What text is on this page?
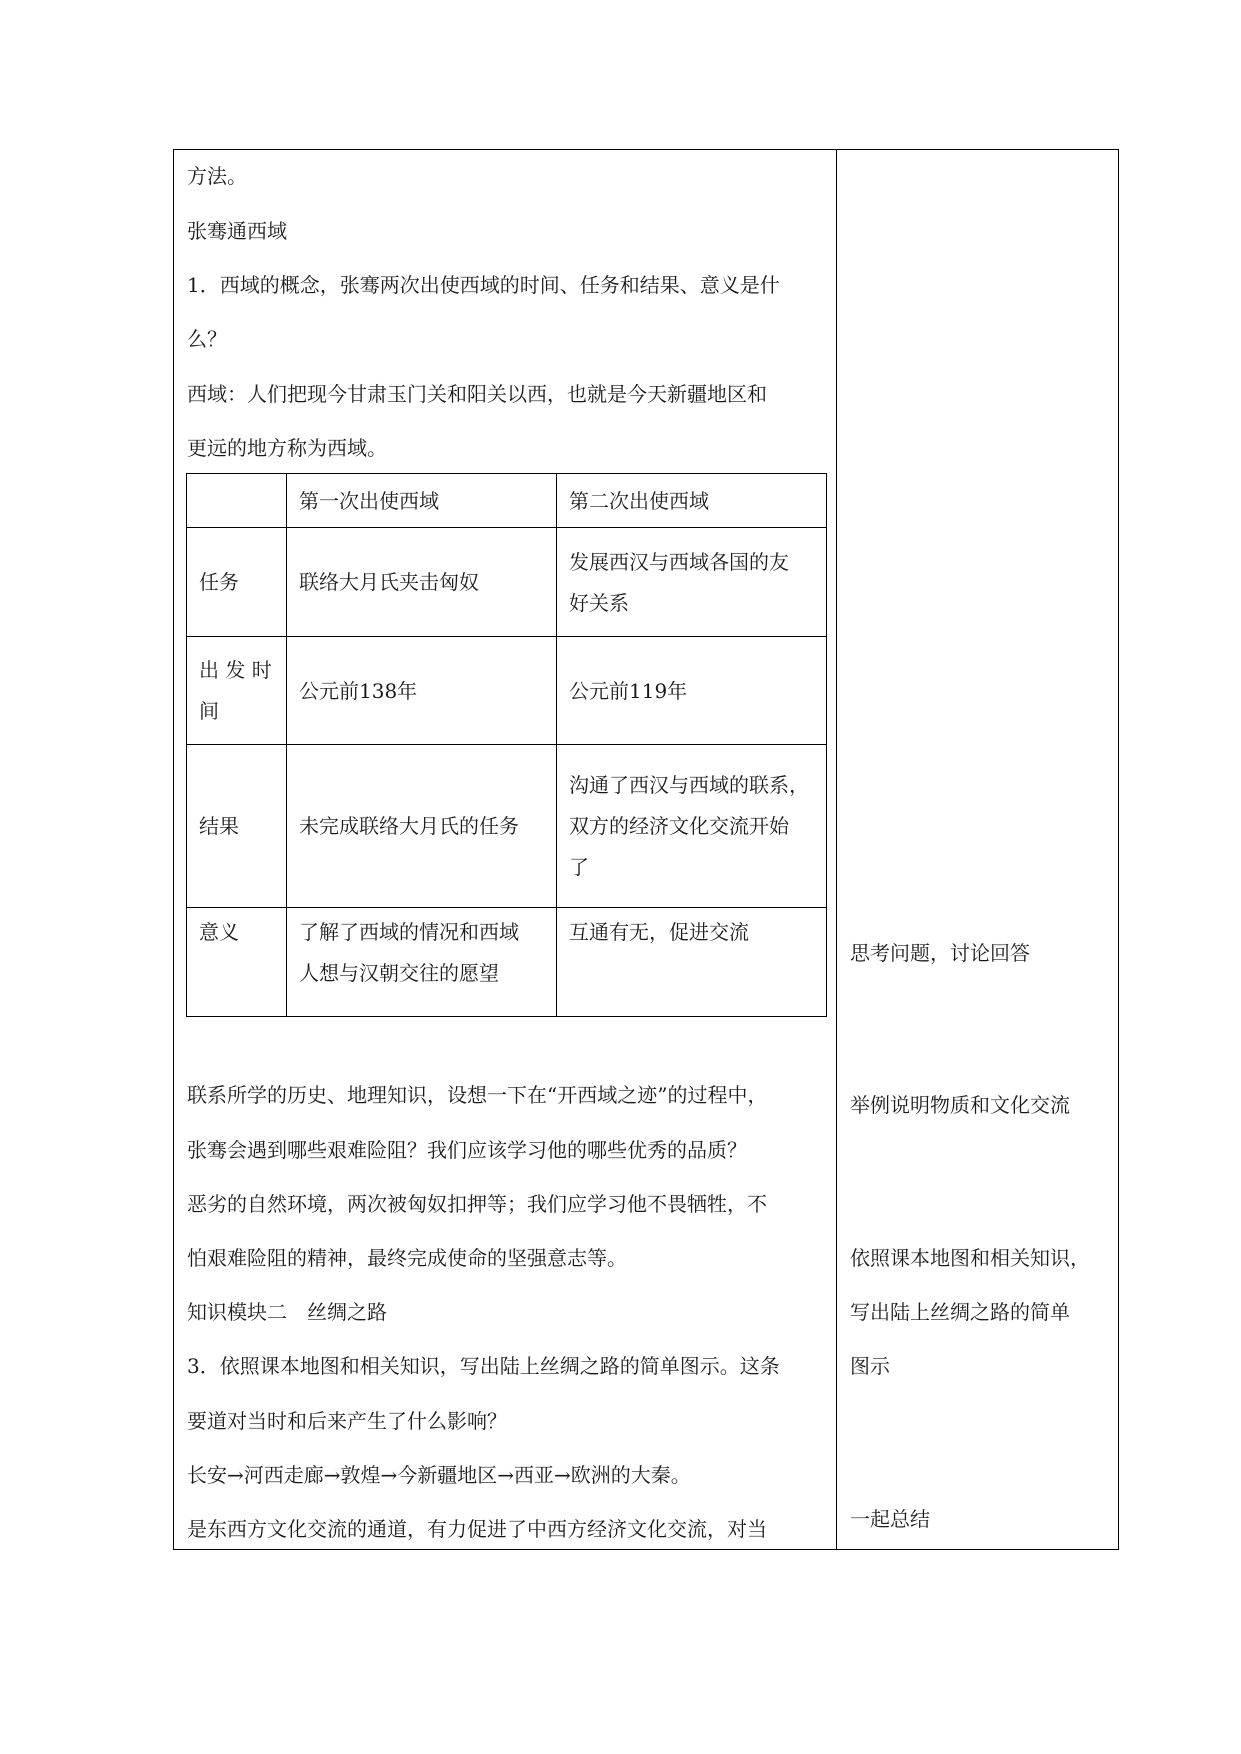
方法。
张骞通西域
1．西域的概念，张骞两次出使西域的时间、任务和结果、意义是什
么？
西域：人们把现今甘肃玉门关和阳关以西，也就是今天新疆地区和
更远的地方称为西域。
	第一次出使西域	第二次出使西域
任务	联络大月氏夹击匈奴	发展西汉与西域各国的友
好关系

出 发 时
间	公元前138年	公元前119年

结果	未完成联络大月氏的任务	沟通了西汉与西域的联系，
双方的经济文化交流开始
了

意义	了解了西域的情况和西域
人想与汉朝交往的愿望	互通有无，促进交流
联系所学的历史、地理知识，设想一下在“开西域之迹”的过程中，
张骞会遇到哪些艰难险阻？我们应该学习他的哪些优秀的品质？
恶劣的自然环境，两次被匈奴扣押等；我们应学习他不畏牺牲，不
怕艰难险阻的精神，最终完成使命的坚强意志等。
知识模块二　丝绸之路
3．依照课本地图和相关知识，写出陆上丝绸之路的简单图示。这条
要道对当时和后来产生了什么影响？
长安→河西走廊→敦煌→今新疆地区→西亚→欧洲的大秦。
是东西方文化交流的通道，有力促进了中西方经济文化交流，对当
思考问题，讨论回答
举例说明物质和文化交流
依照课本地图和相关知识，
写出陆上丝绸之路的简单
图示
一起总结
